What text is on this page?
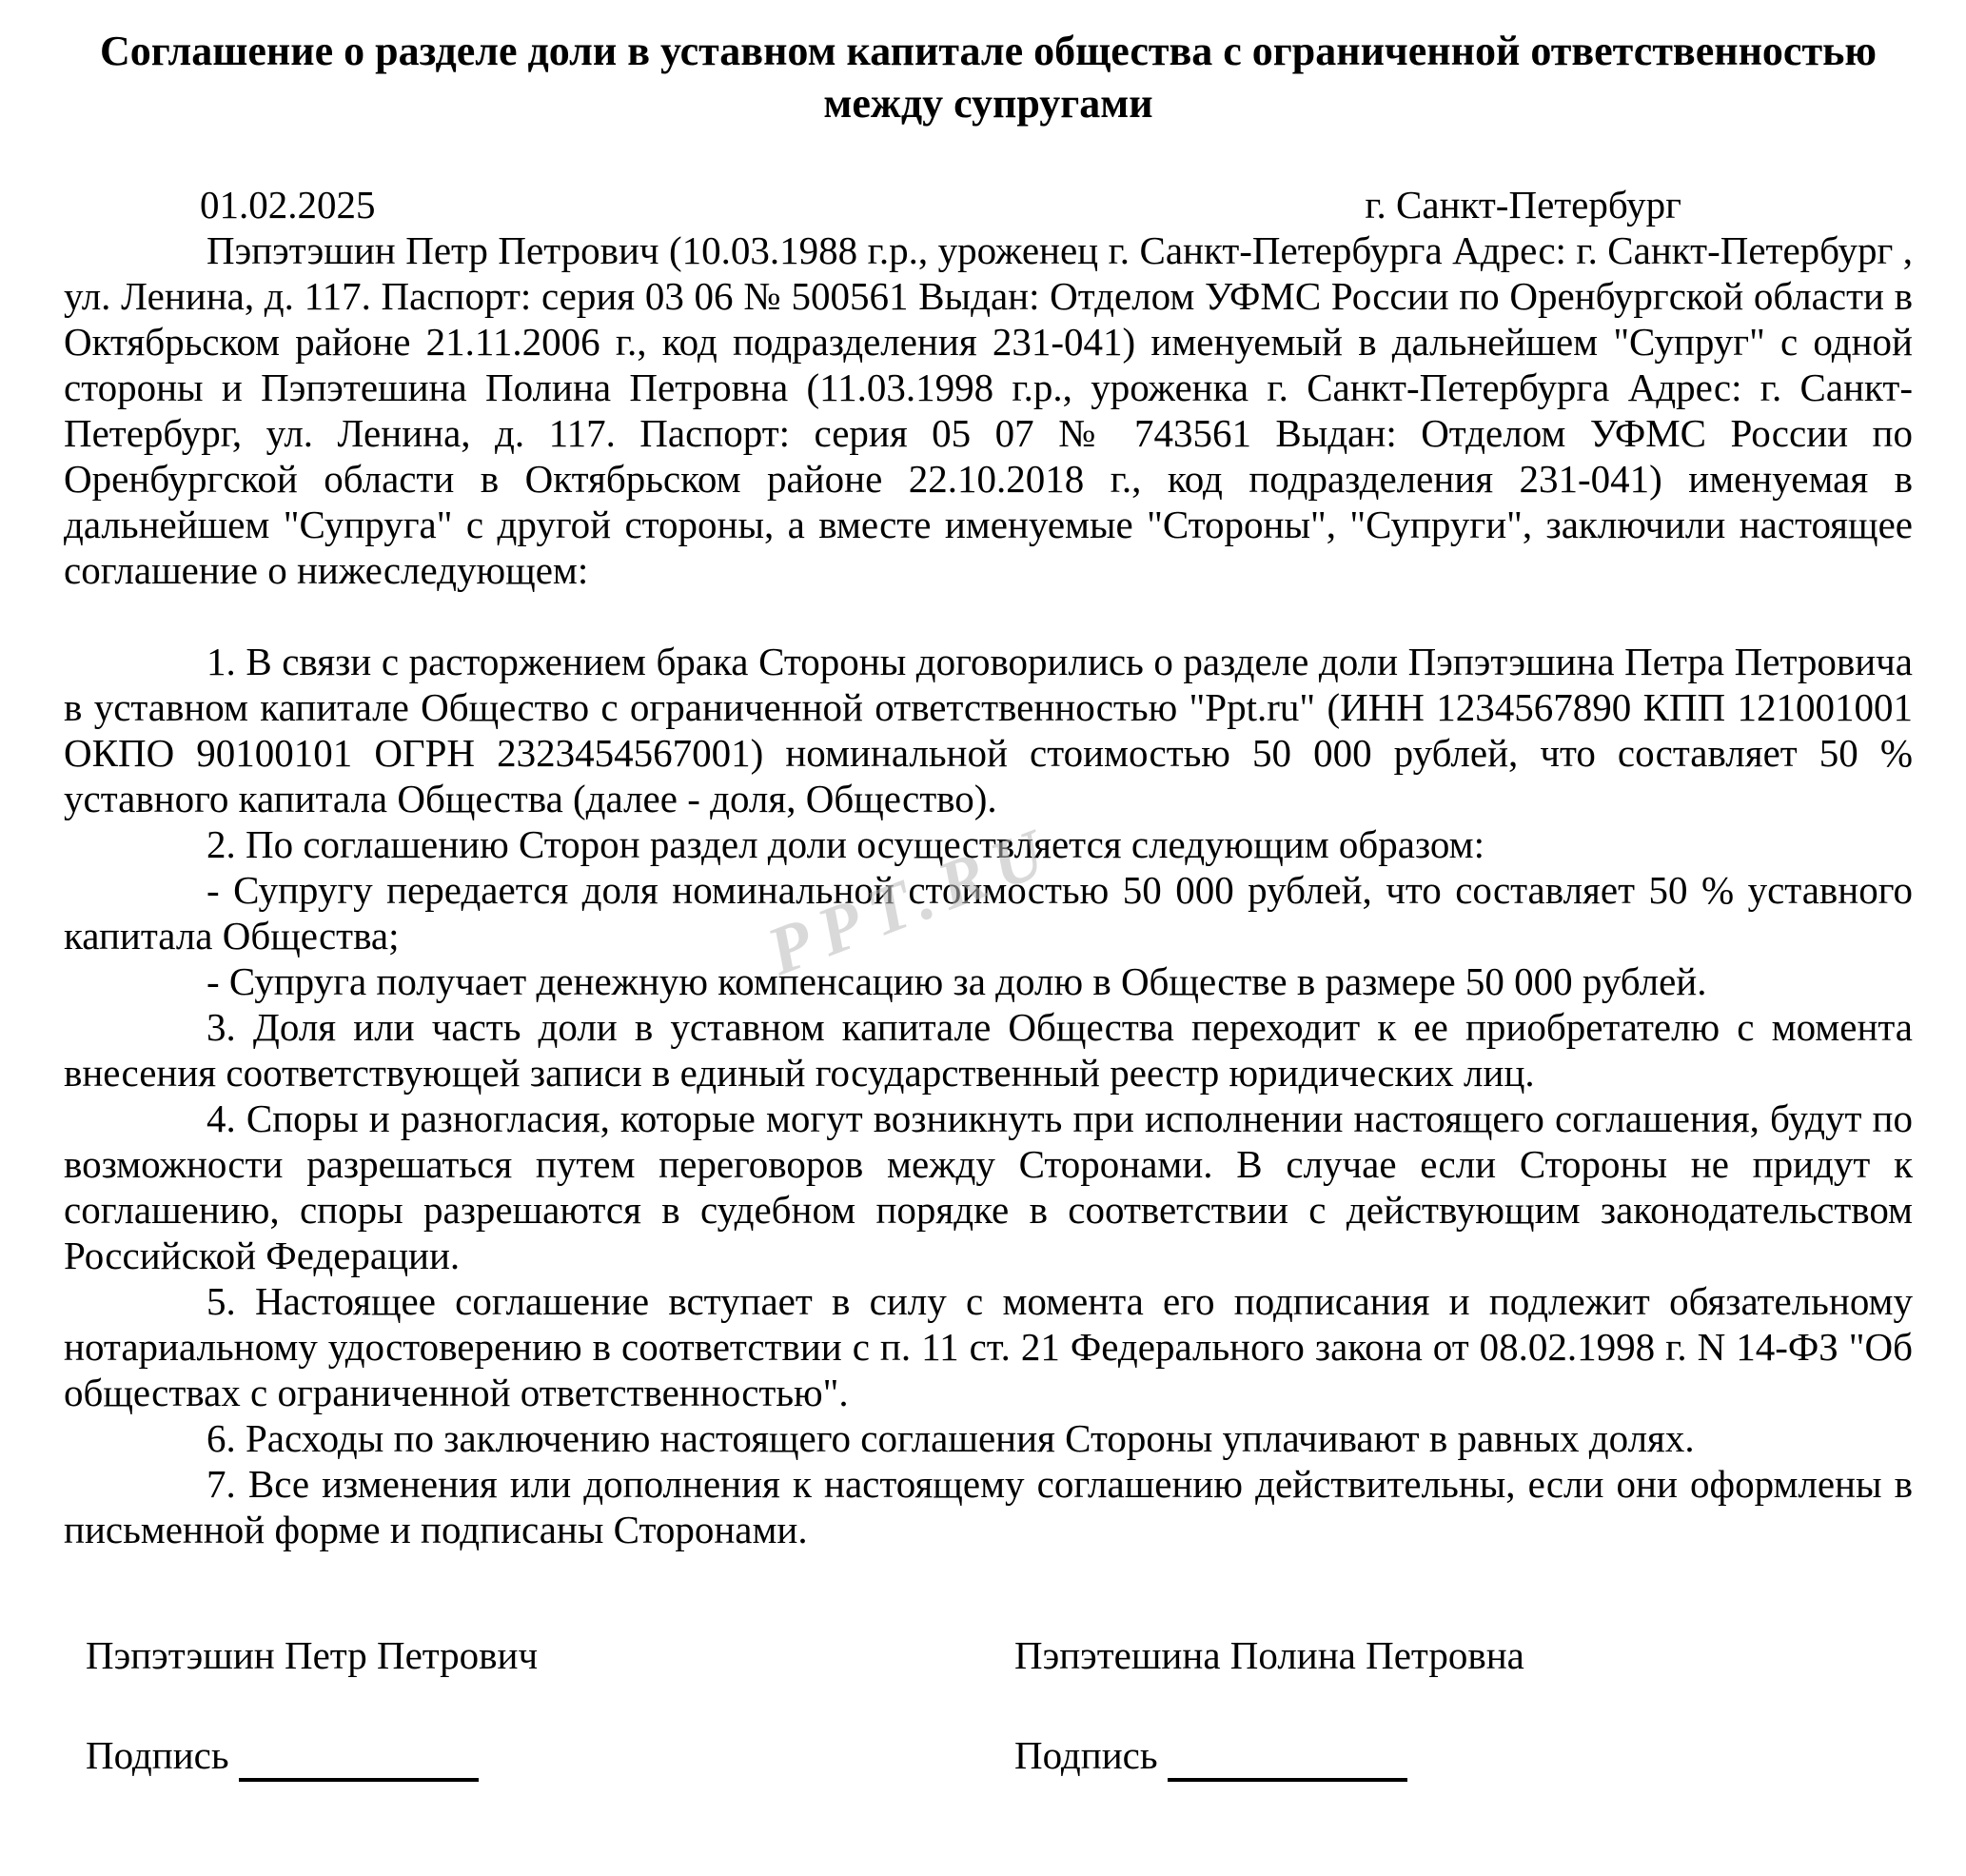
Соглашение о разделе доли в уставном капитале общества с ограниченной ответственностью
между супругами
01.02.2025	г. Санкт-Петербург

Пэпэтэшин Петр Петрович (10.03.1988 г.р., уроженец г. Санкт-Петербурга Адрес: г. Санкт-Петербург , ул. Ленина, д. 117. Паспорт: серия 03 06 № 500561 Выдан: Отделом УФМС России по Оренбургской области в Октябрьском районе 21.11.2006 г., код подразделения 231-041) именуемый в дальнейшем "Супруг" с одной стороны и Пэпэтешина Полина Петровна (11.03.1998 г.р., уроженка г. Санкт-Петербурга Адрес: г. Санкт-Петербург, ул. Ленина, д. 117. Паспорт: серия 05 07 № 743561 Выдан: Отделом УФМС России по Оренбургской области в Октябрьском районе 22.10.2018 г., код подразделения 231-041) именуемая в дальнейшем "Супруга" с другой стороны, а вместе именуемые "Стороны", "Супруги", заключили настоящее соглашение о нижеследующем:

1. В связи с расторжением брака Стороны договорились о разделе доли Пэпэтэшина Петра Петровича в уставном капитале Общество с ограниченной ответственностью "Ppt.ru" (ИНН 1234567890 КПП 121001001 ОКПО 90100101 ОГРН 2323454567001) номинальной стоимостью 50 000 рублей, что составляет 50 % уставного капитала Общества (далее - доля, Общество).

2. По соглашению Сторон раздел доли осуществляется следующим образом:

- Супругу передается доля номинальной стоимостью 50 000 рублей, что составляет 50 % уставного капитала Общества;

- Супруга получает денежную компенсацию за долю в Обществе в размере 50 000 рублей.

3. Доля или часть доли в уставном капитале Общества переходит к ее приобретателю с момента внесения соответствующей записи в единый государственный реестр юридических лиц.

4. Споры и разногласия, которые могут возникнуть при исполнении настоящего соглашения, будут по возможности разрешаться путем переговоров между Сторонами. В случае если Стороны не придут к соглашению, споры разрешаются в судебном порядке в соответствии с действующим законодательством Российской Федерации.

5. Настоящее соглашение вступает в силу с момента его подписания и подлежит обязательному нотариальному удостоверению в соответствии с п. 11 ст. 21 Федерального закона от 08.02.1998 г. N 14-ФЗ "Об обществах с ограниченной ответственностью".

6. Расходы по заключению настоящего соглашения Стороны уплачивают в равных долях.

7. Все изменения или дополнения к настоящему соглашению действительны, если они оформлены в письменной форме и подписаны Сторонами.

Пэпэтэшин Петр Петрович	Пэпэтешина Полина Петровна
Подпись	Подпись
PPT.RU
